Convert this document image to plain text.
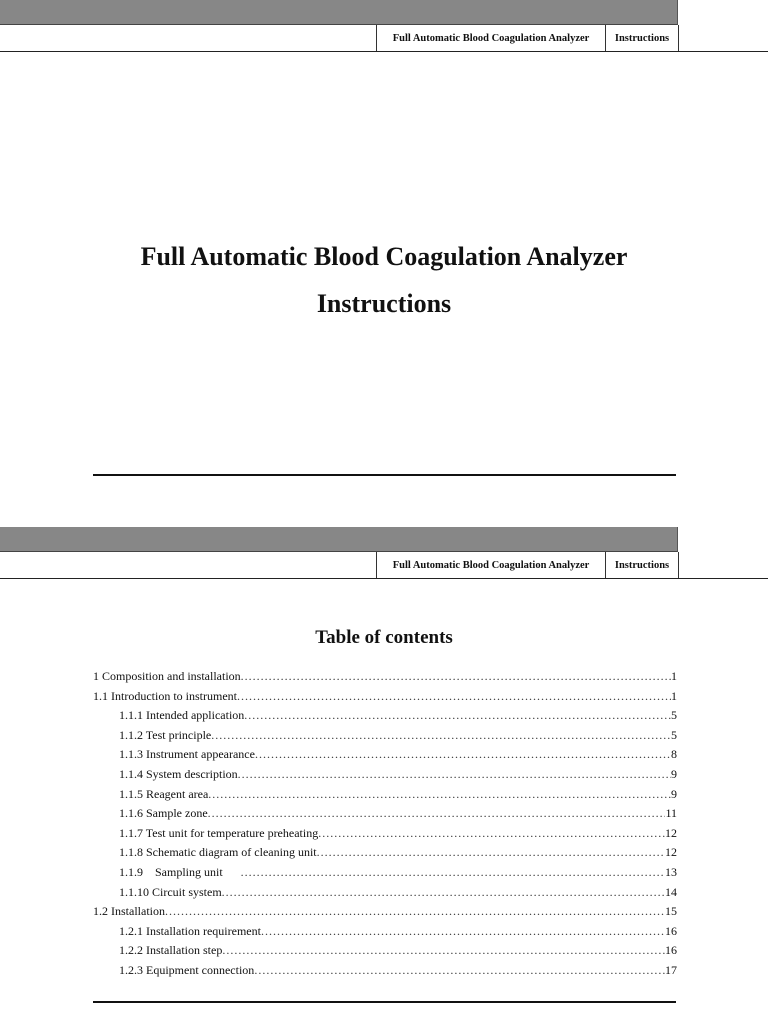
Full Automatic Blood Coagulation Analyzer	Instructions
Full Automatic Blood Coagulation Analyzer
Instructions
Full Automatic Blood Coagulation Analyzer	Instructions
Table of contents
1 Composition and installation .....	1
1.1 Introduction to instrument .....	1
1.1.1 Intended application .....	5
1.1.2 Test principle .....	5
1.1.3 Instrument appearance .....	8
1.1.4 System description .....	9
1.1.5 Reagent area .....	9
1.1.6 Sample zone .....	11
1.1.7 Test unit for temperature preheating .....	12
1.1.8 Schematic diagram of cleaning unit .....	12
1.1.9    Sampling unit .....	13
1.1.10 Circuit system .....	14
1.2 Installation .....	15
1.2.1 Installation requirement .....	16
1.2.2 Installation step .....	16
1.2.3 Equipment connection .....	17
